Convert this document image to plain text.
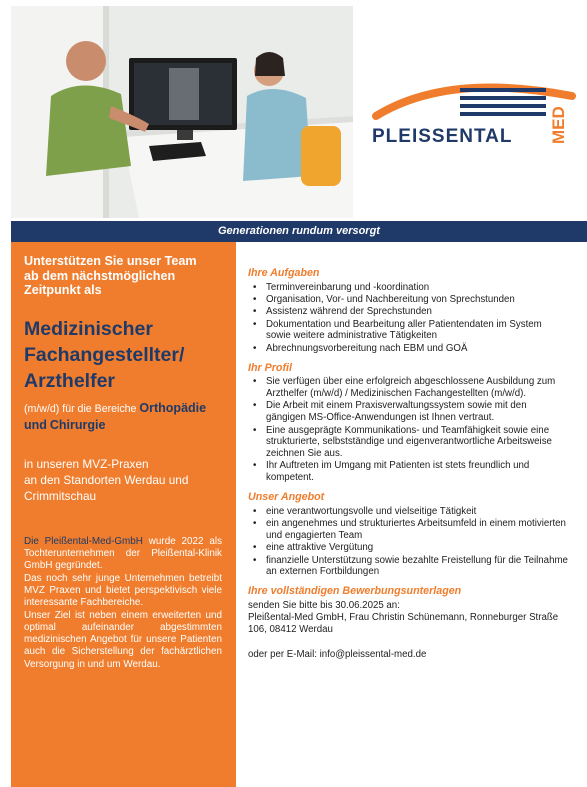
PLEISSENTAL MED
Generationen rundum versorgt

Unterstützen Sie unser Team
ab dem nächstmöglichen
Zeitpunkt als

Medizinischer
Fachangestellter/
Arzthelfer

(m/w/d) für die Bereiche Orthopädie
und Chirurgie

in unseren MVZ-Praxen
an den Standorten Werdau und
Crimmitschau

Die Pleißental-Med-GmbH wurde 2022 als Tochterunternehmen der Pleißental-Klinik GmbH gegründet.

Das noch sehr junge Unternehmen betreibt MVZ Praxen und bietet perspektivisch viele interessante Fachbereiche.

Unser Ziel ist neben einem erweiterten und optimal aufeinander abgestimmten medizinischen Angebot für unsere Patienten auch die Sicherstellung der fachärztlichen Versorgung in und um Werdau.

Ihre Aufgaben
• Terminvereinbarung und -koordination
• Organisation, Vor- und Nachbereitung von Sprechstunden
• Assistenz während der Sprechstunden
• Dokumentation und Bearbeitung aller Patientendaten im System sowie weitere administrative Tätigkeiten
• Abrechnungsvorbereitung nach EBM und GOÄ
Ihr Profil
• Sie verfügen über eine erfolgreich abgeschlossene Ausbildung zum Arzthelfer (m/w/d) / Medizinischen Fachangestellten (m/w/d).
• Die Arbeit mit einem Praxisverwaltungssystem sowie mit den gängigen MS-Office-Anwendungen ist Ihnen vertraut.
• Eine ausgeprägte Kommunikations- und Teamfähigkeit sowie eine strukturierte, selbstständige und eigenverantwortliche Arbeitsweise zeichnen Sie aus.
• Ihr Auftreten im Umgang mit Patienten ist stets freundlich und kompetent.
Unser Angebot
• eine verantwortungsvolle und vielseitige Tätigkeit
• ein angenehmes und strukturiertes Arbeitsumfeld in einem motivierten und engagierten Team
• eine attraktive Vergütung
• finanzielle Unterstützung sowie bezahlte Freistellung für die Teilnahme an externen Fortbildungen
Ihre vollständigen Bewerbungsunterlagen

senden Sie bitte bis 30.06.2025 an:

Pleißental-Med GmbH, Frau Christin Schünemann, Ronneburger Straße 106, 08412 Werdau

oder per E-Mail: info@pleissental-med.de
